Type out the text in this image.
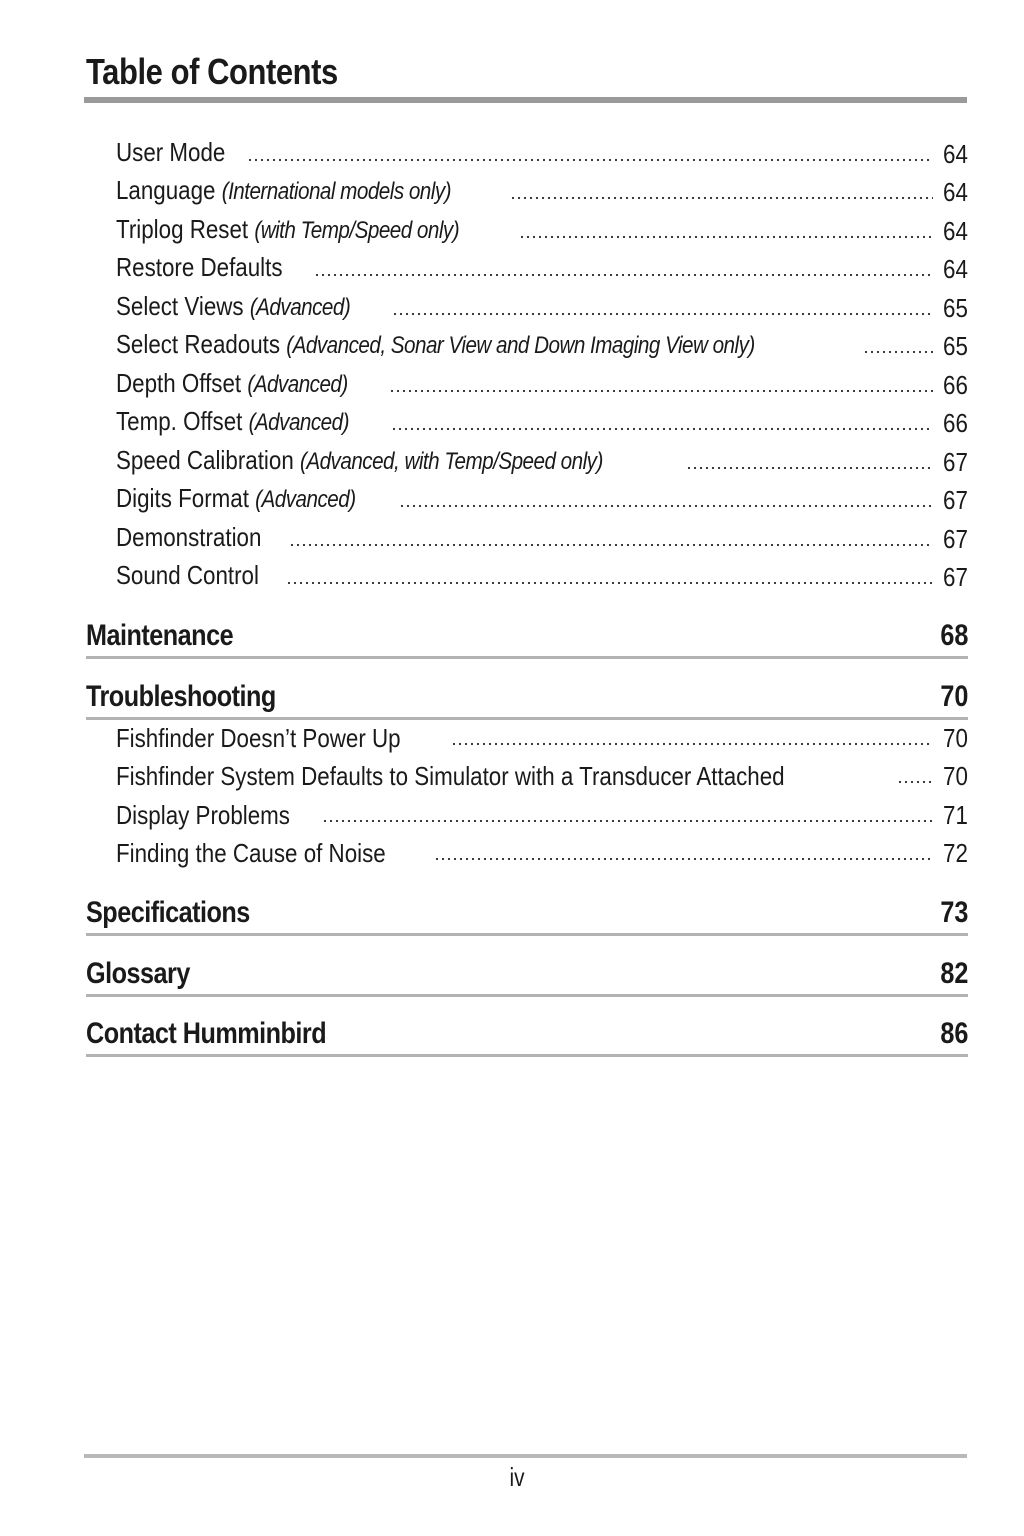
Table of Contents
User Mode	64
Language (International models only)	64
Triplog Reset (with Temp/Speed only)	64
Restore Defaults	64
Select Views (Advanced)	65
Select Readouts (Advanced, Sonar View and Down Imaging View only)	65
Depth Offset (Advanced)	66
Temp. Offset (Advanced)	66
Speed Calibration (Advanced, with Temp/Speed only)	67
Digits Format (Advanced)	67
Demonstration	67
Sound Control	67
Maintenance	68
Troubleshooting	70
Fishfinder Doesn’t Power Up	70
Fishfinder System Defaults to Simulator with a Transducer Attached	70
Display Problems	71
Finding the Cause of Noise	72
Specifications	73
Glossary	82
Contact Humminbird	86
iv
